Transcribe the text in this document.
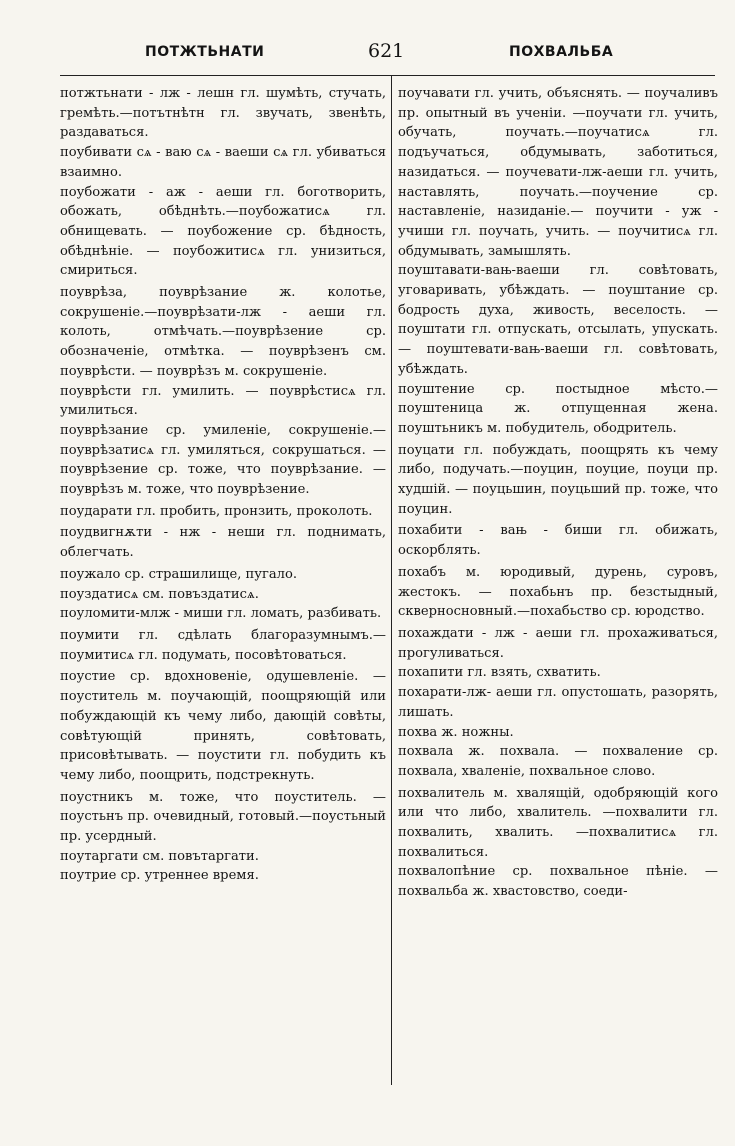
ПОТЖТЬНАТИ	621	ПОХВАЛЬБА

потжтьнати - лж - лешн гл. шумѣть, стучать, гремѣть.—потътнѣтн гл. звучать, звенѣть, раздаваться.

поубивати сѧ - ваю сѧ - ваеши сѧ гл. убиваться взаимно.

поубожати - аж - аеши гл. боготворить, обожать, обѣднѣть.—поубожатисѧ гл. обнищевать. — поубожение ср. бѣдность, обѣднѣніе. — поубожитисѧ гл. унизиться, смириться.

поуврѣза, поуврѣзание ж. колотье, сокрушеніе.—поуврѣзати-лж - аеши гл. колоть, отмѣчать.—поуврѣзение ср. обозначеніе, отмѣтка. — поуврѣзенъ см. поуврѣсти. — поуврѣзъ м. сокрушеніе.

поуврѣсти гл. умилить. — поуврѣстисѧ гл. умилиться.

поуврѣзание ср. умиленіе, сокрушеніе.—поуврѣзатисѧ гл. умиляться, сокрушаться. — поуврѣзение ср. тоже, что поуврѣзание. — поуврѣзъ м. тоже, что поуврѣзение.

поударати гл. пробить, пронзить, проколоть.

поудвигнѫти - нж - неши гл. поднимать, облегчать.

поужало ср. страшилище, пугало.

поуздатисѧ см. повъздатисѧ.

поуломити-млж - миши гл. ломать, разбивать.

поумити гл. сдѣлать благоразумнымъ.—поумитисѧ гл. подумать, посовѣтоваться.

поустие ср. вдохновеніе, одушевленіе. — поуститель м. поучающій, поощряющій или побуждающій къ чему либо, дающій совѣты, совѣтующій принять, совѣтовать, присовѣтывать. — поустити гл. побудить къ чему либо, поощрить, подстрекнуть.

поустникъ м. тоже, что поуститель. —поустьнъ пр. очевидный, готовый.—поустьный пр. усердный.

поутаргати см. повътаргати.

поутрие ср. утреннее время.

поучавати гл. учить, объяснять. — поучаливъ пр. опытный въ ученіи. —поучати гл. учить, обучать, поучать.—поучатисѧ гл. подъучаться, обдумывать, заботиться, назидаться. — поучевати-лж-аеши гл. учить, наставлять, поучать.—поучение ср. наставленіе, назиданіе.— поучити - уж - учиши гл. поучать, учить. — поучитисѧ гл. обдумывать, замышлять.

поуштавати-вањ-ваеши гл. совѣтовать, уговаривать, убѣждать. — поуштание ср. бодрость духа, живость, веселость. — поуштати гл. отпускать, отсылать, упускать. — поуштевати-вањ-ваеши гл. совѣтовать, убѣждать.

поуштение ср. постыдное мѣсто.— поуштеница ж. отпущенная жена. поуштьникъ м. побудитель, ободритель.

поуцати гл. побуждать, поощрять къ чему либо, подучать.—поуцин, поуцие, поуци пр. худшій. — поуцьшин, поуцьший пр. тоже, что поуцин.

похабити - вањ - биши гл. обижать, оскорблять.

похабъ м. юродивый, дурень, суровъ, жестокъ. — похабьнъ пр. безстыдный, скверносновный.—похабьство ср. юродство.

похаждати - лж - аеши гл. прохаживаться, прогуливаться.

похапити гл. взять, схватить.

похарати-лж- аеши гл. опустошать, разорять, лишать.

похва ж. ножны.

похвала ж. похвала. — похваление ср. похвала, хваленіе, похвальное слово.

похвалитель м. хвалящій, одобряющій кого или что либо, хвалитель. —похвалити гл. похвалить, хвалить. —похвалитисѧ гл. похвалиться.

похвалопѣние ср. похвальное пѣніе. —похвальба ж. хвастовство, соеди-
